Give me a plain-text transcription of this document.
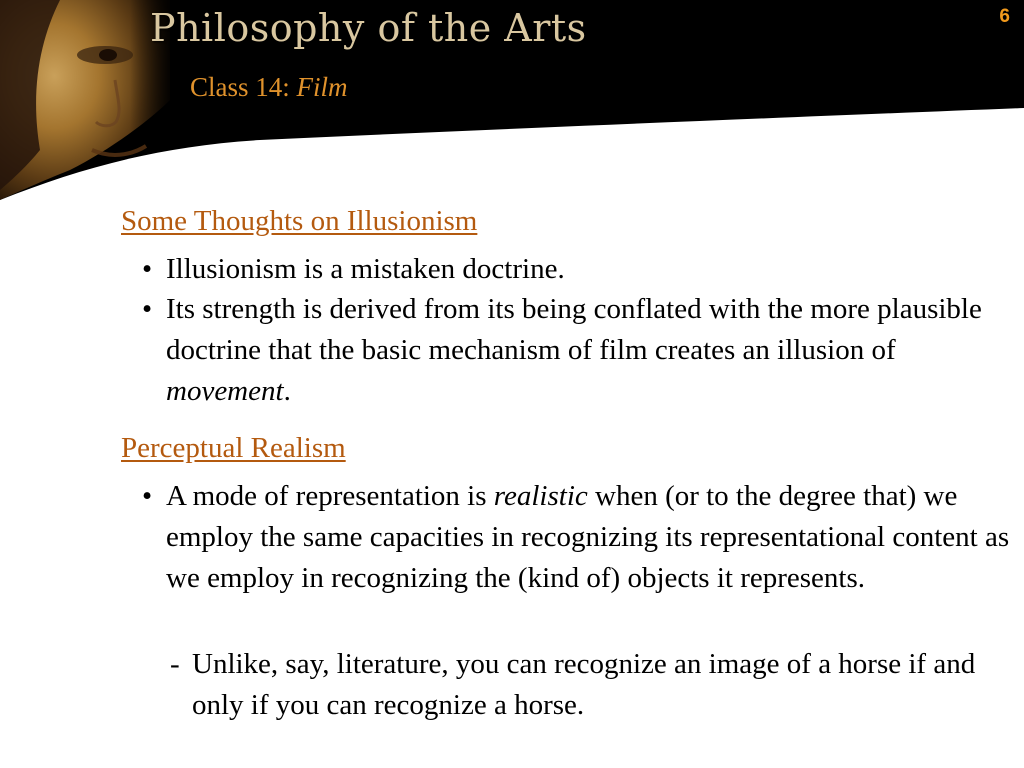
Philosophy of the Arts
Class 14: Film
6
Some Thoughts on Illusionism
• Illusionism is a mistaken doctrine.
• Its strength is derived from its being conflated with the more plausible doctrine that the basic mechanism of film creates an illusion of movement.
Perceptual Realism
• A mode of representation is realistic when (or to the degree that) we employ the same capacities in recognizing its representational content as we employ in recognizing the (kind of) objects it represents.
- Unlike, say, literature, you can recognize an image of a horse if and only if you can recognize a horse.
